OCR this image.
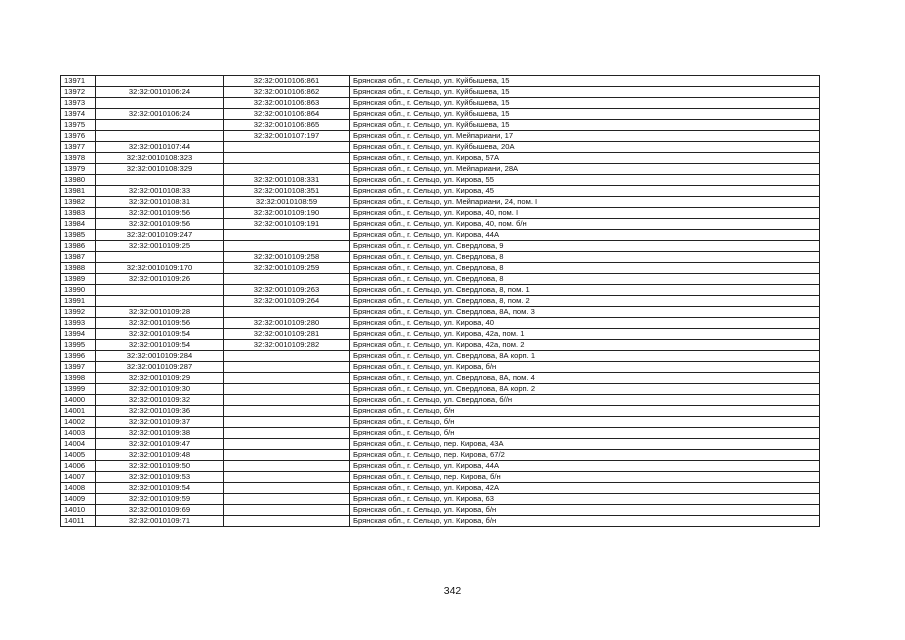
13971		32:32:0010106:861	Брянская обл., г. Сельцо, ул. Куйбышева, 15
13972	32:32:0010106:24	32:32:0010106:862	Брянская обл., г. Сельцо, ул. Куйбышева, 15
13973		32:32:0010106:863	Брянская обл., г. Сельцо, ул. Куйбышева, 15
13974	32:32:0010106:24	32:32:0010106:864	Брянская обл., г. Сельцо, ул. Куйбышева, 15
13975		32:32:0010106:865	Брянская обл., г. Сельцо, ул. Куйбышева, 15
13976		32:32:0010107:197	Брянская обл., г. Сельцо, ул. Мейпариани, 17
13977	32:32:0010107:44		Брянская обл., г. Сельцо, ул. Куйбышева, 20А
13978	32:32:0010108:323		Брянская обл., г. Сельцо, ул. Кирова, 57А
13979	32:32:0010108:329		Брянская обл., г. Сельцо, ул. Мейпариани, 28А
13980		32:32:0010108:331	Брянская обл., г. Сельцо, ул. Кирова, 55
13981	32:32:0010108:33	32:32:0010108:351	Брянская обл., г. Сельцо, ул. Кирова, 45
13982	32:32:0010108:31	32:32:0010108:59	Брянская обл., г. Сельцо, ул. Мейпариани, 24, пом. I
13983	32:32:0010109:56	32:32:0010109:190	Брянская обл., г. Сельцо, ул. Кирова, 40, пом. I
13984	32:32:0010109:56	32:32:0010109:191	Брянская обл., г. Сельцо, ул. Кирова, 40, пом. б/н
13985	32:32:0010109:247		Брянская обл., г. Сельцо, ул. Кирова, 44А
13986	32:32:0010109:25		Брянская обл., г. Сельцо, ул. Свердлова, 9
13987		32:32:0010109:258	Брянская обл., г. Сельцо, ул. Свердлова, 8
13988	32:32:0010109:170	32:32:0010109:259	Брянская обл., г. Сельцо, ул. Свердлова, 8
13989	32:32:0010109:26		Брянская обл., г. Сельцо, ул. Свердлова, 8
13990		32:32:0010109:263	Брянская обл., г. Сельцо, ул. Свердлова, 8, пом. 1
13991		32:32:0010109:264	Брянская обл., г. Сельцо, ул. Свердлова, 8, пом. 2
13992	32:32:0010109:28		Брянская обл., г. Сельцо, ул. Свердлова, 8А, пом. 3
13993	32:32:0010109:56	32:32:0010109:280	Брянская обл., г. Сельцо, ул. Кирова, 40
13994	32:32:0010109:54	32:32:0010109:281	Брянская обл., г. Сельцо, ул. Кирова, 42а, пом. 1
13995	32:32:0010109:54	32:32:0010109:282	Брянская обл., г. Сельцо, ул. Кирова, 42а, пом. 2
13996	32:32:0010109:284		Брянская обл., г. Сельцо, ул. Свердлова, 8А корп. 1
13997	32:32:0010109:287		Брянская обл., г. Сельцо, ул. Кирова, б/н
13998	32:32:0010109:29		Брянская обл., г. Сельцо, ул. Свердлова, 8А, пом. 4
13999	32:32:0010109:30		Брянская обл., г. Сельцо, ул. Свердлова, 8А корп. 2
14000	32:32:0010109:32		Брянская обл., г. Сельцо, ул. Свердлова, б//н
14001	32:32:0010109:36		Брянская обл., г. Сельцо, б/н
14002	32:32:0010109:37		Брянская обл., г. Сельцо, б/н
14003	32:32:0010109:38		Брянская обл., г. Сельцо, б/н
14004	32:32:0010109:47		Брянская обл., г. Сельцо, пер. Кирова, 43А
14005	32:32:0010109:48		Брянская обл., г. Сельцо, пер. Кирова, 67/2
14006	32:32:0010109:50		Брянская обл., г. Сельцо, ул. Кирова, 44А
14007	32:32:0010109:53		Брянская обл., г. Сельцо, пер. Кирова, б/н
14008	32:32:0010109:54		Брянская обл., г. Сельцо, ул. Кирова, 42А
14009	32:32:0010109:59		Брянская обл., г. Сельцо, ул. Кирова, 63
14010	32:32:0010109:69		Брянская обл., г. Сельцо, ул. Кирова, б/н
14011	32:32:0010109:71		Брянская обл., г. Сельцо, ул. Кирова, б/н
342
